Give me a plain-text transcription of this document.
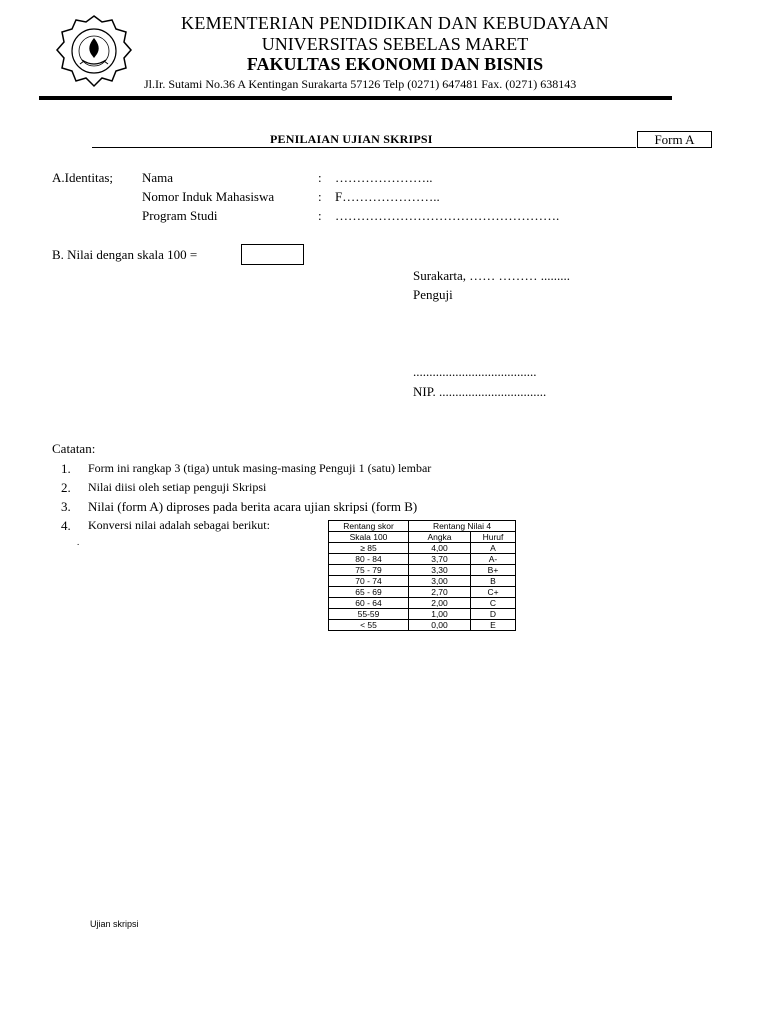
KEMENTERIAN PENDIDIKAN DAN KEBUDAYAAN
UNIVERSITAS SEBELAS MARET
FAKULTAS EKONOMI DAN BISNIS
Jl.Ir. Sutami No.36 A Kentingan Surakarta 57126 Telp (0271) 647481 Fax. (0271) 638143
PENILAIAN UJIAN SKRIPSI	Form A
A.Identitas; Nama	: …………………..
Nomor Induk Mahasiswa	: F…………………..
Program Studi	: …………………………………………….
B. Nilai dengan skala 100 =
Surakarta, …… ……… .........
Penguji
......................................
NIP. .................................
Catatan:
1. Form ini rangkap 3 (tiga) untuk masing-masing Penguji 1 (satu) lembar
2. Nilai diisi oleh setiap penguji Skripsi
3. Nilai (form A) diproses pada berita acara ujian skripsi (form B)
4. Konversi nilai adalah sebagai berikut:
.
Rentang skor	Rentang Nilai 4	
Skala 100	Angka	Huruf
≥ 85	4,00	A
80 - 84	3,70	A-
75 - 79	3,30	B+
70 - 74	3,00	B
65 - 69	2,70	C+
60 - 64	2,00	C
55-59	1,00	D
< 55	0,00	E
Ujian skripsi
